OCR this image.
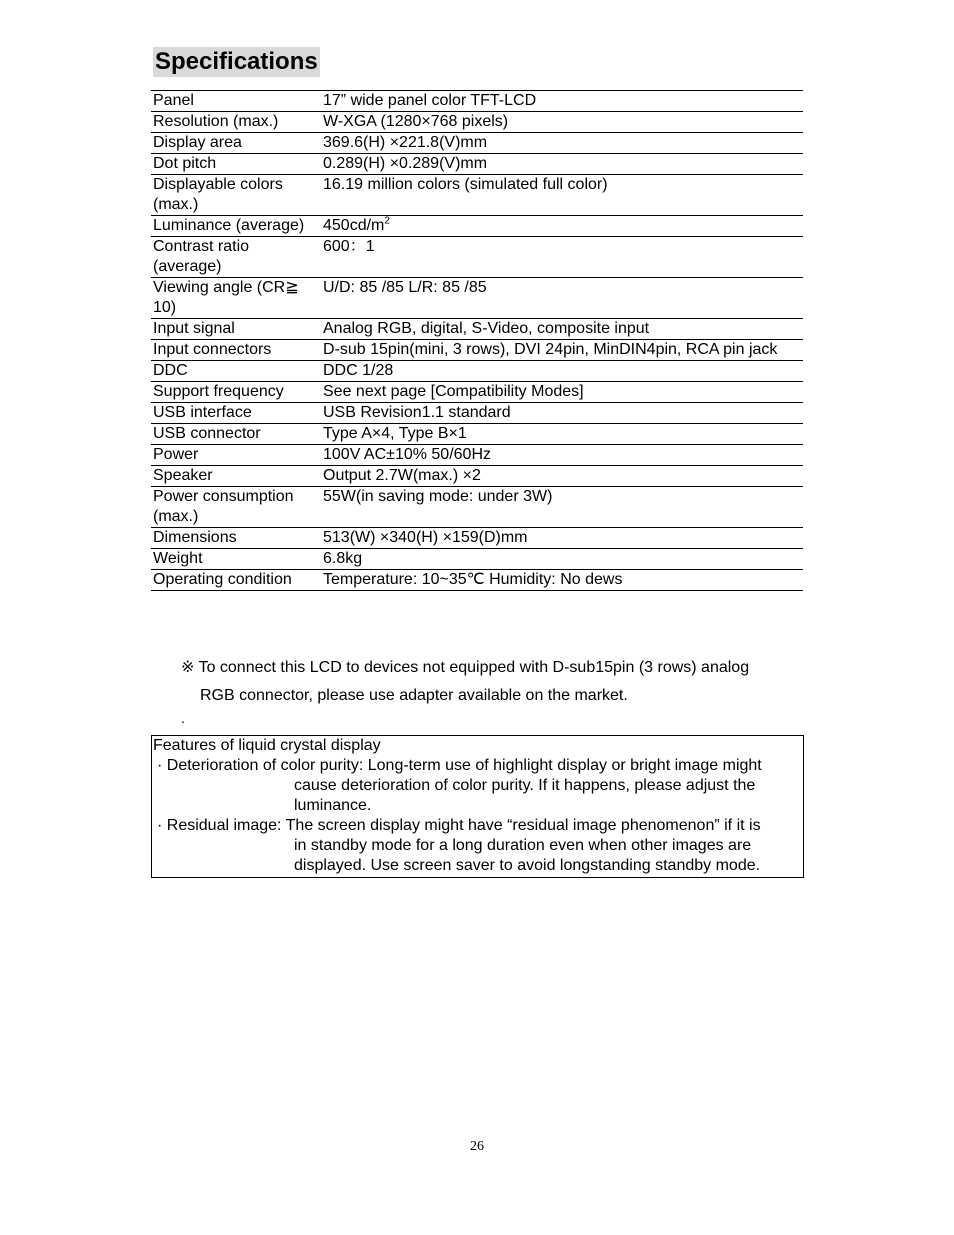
Specifications
Panel	17” wide panel color TFT-LCD
Resolution (max.)	W-XGA (1280×768 pixels)
Display area	369.6(H) ×221.8(V)mm
Dot pitch	0.289(H) ×0.289(V)mm
Displayable colors (max.)	16.19 million colors (simulated full color)
Luminance (average)	$450cd/m^2$
Contrast ratio (average)	600：1
Viewing angle (CR≧ 10)	U/D: 85 /85 L/R: 85 /85
Input signal	Analog RGB, digital, S-Video, composite input
Input connectors	D-sub 15pin(mini, 3 rows), DVI 24pin, MinDIN4pin, RCA pin jack
DDC	DDC 1/28
Support frequency	See next page [Compatibility Modes]
USB interface	USB Revision1.1 standard
USB connector	Type A×4, Type B×1
Power	100V AC±10% 50/60Hz
Speaker	Output 2.7W(max.) ×2
Power consumption (max.)	55W(in saving mode: under 3W)
Dimensions	513(W) ×340(H) ×159(D)mm
Weight	6.8kg
Operating condition	Temperature: 10~35℃ Humidity: No dews
※ To connect this LCD to devices not equipped with D-sub15pin (3 rows) analog
RGB connector, please use adapter available on the market.
.
Features of liquid crystal display
· Deterioration of color purity: Long-term use of highlight display or bright image might
cause deterioration of color purity. If it happens, please adjust the luminance.
· Residual image: The screen display might have “residual image phenomenon” if it is
in standby mode for a long duration even when other images are displayed. Use screen saver to avoid longstanding standby mode.
26
